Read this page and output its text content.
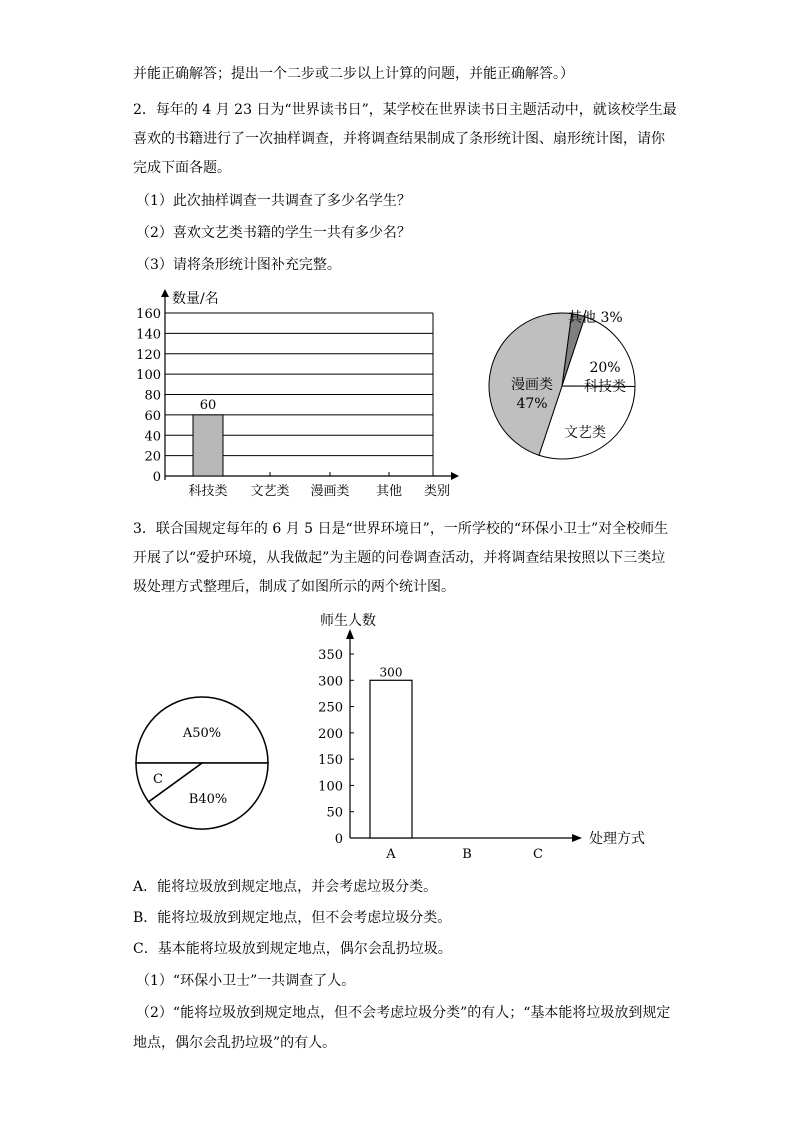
并能正确解答；提出一个二步或二步以上计算的问题，并能正确解答。）

2．每年的 4 月 23 日为“世界读书日”，某学校在世界读书日主题活动中，就该校学生最

喜欢的书籍进行了一次抽样调查，并将调查结果制成了条形统计图、扇形统计图，请你

完成下面各题。

（1）此次抽样调查一共调查了多少名学生？

（2）喜欢文艺类书籍的学生一共有多少名？

（3）请将条形统计图补充完整。

数量/名
类别
0
20
40
60
80
100
120
140
160
科技类
60
文艺类 漫画类 其他
其他 3%
20%
科技类
文艺类
漫画类
47%

3．联合国规定每年的 6 月 5 日是“世界环境日”，一所学校的“环保小卫士”对全校师生

开展了以“爱护环境，从我做起”为主题的问卷调查活动，并将调查结果按照以下三类垃

圾处理方式整理后，制成了如图所示的两个统计图。

A50%
B40%
C
师生人数
处理方式
0
50
100
150
200
250
300
350
A
300
B	C

A．能将垃圾放到规定地点，并会考虑垃圾分类。

B．能将垃圾放到规定地点，但不会考虑垃圾分类。

C．基本能将垃圾放到规定地点，偶尔会乱扔垃圾。

（1）“环保小卫士”一共调查了人。

（2）“能将垃圾放到规定地点，但不会考虑垃圾分类”的有人；“基本能将垃圾放到规定

地点，偶尔会乱扔垃圾”的有人。
